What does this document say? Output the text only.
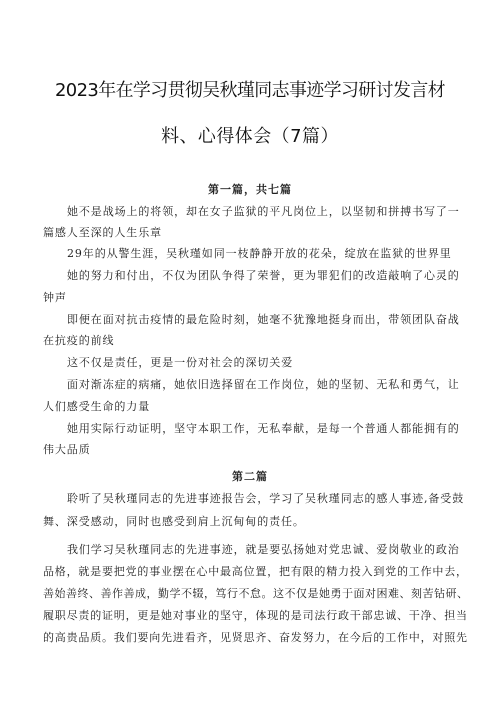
2023年在学习贯彻吴秋瑾同志事迹学习研讨发言材
料、心得体会（7篇）
第一篇，共七篇
她不是战场上的将领，却在女子监狱的平凡岗位上，以坚韧和拼搏书写了一
篇感人至深的人生乐章
29年的从警生涯，吴秋瑾如同一枝静静开放的花朵，绽放在监狱的世界里
她的努力和付出，不仅为团队争得了荣誉，更为罪犯们的改造敲响了心灵的
钟声
即便在面对抗击疫情的最危险时刻，她毫不犹豫地挺身而出，带领团队奋战
在抗疫的前线
这不仅是责任，更是一份对社会的深切关爱
面对渐冻症的病痛，她依旧选择留在工作岗位，她的坚韧、无私和勇气，让
人们感受生命的力量
她用实际行动证明，坚守本职工作，无私奉献，是每一个普通人都能拥有的
伟大品质
第二篇
聆听了吴秋瑾同志的先进事迹报告会，学习了吴秋瑾同志的感人事迹,备受鼓
舞、深受感动，同时也感受到肩上沉甸甸的责任。
我们学习吴秋瑾同志的先进事迹，就是要弘扬她对党忠诚、爱岗敬业的政治
品格，就是要把党的事业摆在心中最高位置，把有限的精力投入到党的工作中去，
善始善终、善作善成，勤学不辍，笃行不怠。这不仅是她勇于面对困难、刻苦钻研、
履职尽责的证明，更是她对事业的坚守，体现的是司法行政干部忠诚、干净、担当
的高贵品质。我们要向先进看齐，见贤思齐、奋发努力，在今后的工作中，对照先
